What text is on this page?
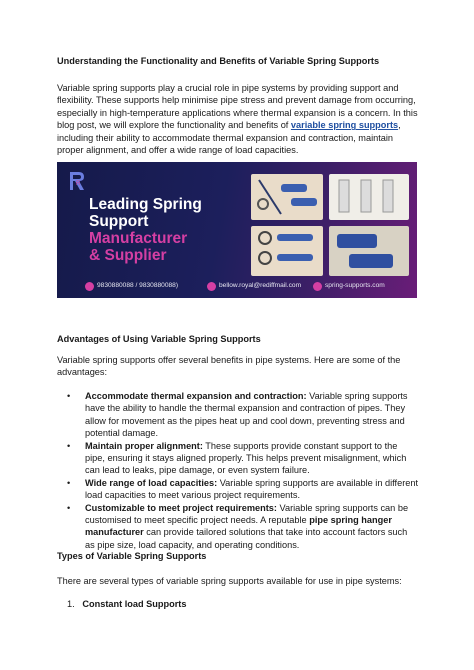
Understanding the Functionality and Benefits of Variable Spring Supports
Variable spring supports play a crucial role in pipe systems by providing support and flexibility. These supports help minimise pipe stress and prevent damage from occurring, especially in high-temperature applications where thermal expansion is a concern. In this blog post, we will explore the functionality and benefits of variable spring supports, including their ability to accommodate thermal expansion and contraction, maintain proper alignment, and offer a wide range of load capacities.
R
Leading Spring
Support
Manufacturer
& Supplier
9830880088 / 9830880088)	bellow.royal@rediffmail.com	spring-supports.com
Advantages of Using Variable Spring Supports
Variable spring supports offer several benefits in pipe systems. Here are some of the advantages:
• Accommodate thermal expansion and contraction: Variable spring supports have the ability to handle the thermal expansion and contraction of pipes. They allow for movement as the pipes heat up and cool down, preventing stress and potential damage.
• Maintain proper alignment: These supports provide constant support to the pipe, ensuring it stays aligned properly. This helps prevent misalignment, which can lead to leaks, pipe damage, or even system failure.
• Wide range of load capacities: Variable spring supports are available in different load capacities to meet various project requirements.
• Customizable to meet project requirements: Variable spring supports can be customised to meet specific project needs. A reputable pipe spring hanger manufacturer can provide tailored solutions that take into account factors such as pipe size, load capacity, and operating conditions.
Types of Variable Spring Supports
There are several types of variable spring supports available for use in pipe systems:
1. Constant load Supports
